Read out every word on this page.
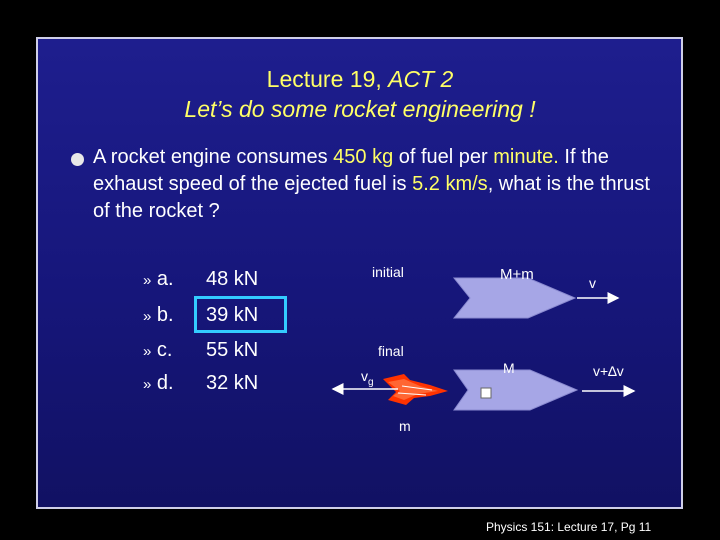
Lecture 19, ACT 2
Let’s do some rocket engineering !
A rocket engine consumes 450 kg of fuel per minute. If the exhaust speed of the ejected fuel is 5.2 km/s, what is the thrust of the rocket ?
» a. 48 kN
» b. 39 kN
» c. 55 kN
» d. 32 kN
initial	M+m	v
final
M	v+∆v
$v_g$
m
Physics 151: Lecture 17, Pg 11
